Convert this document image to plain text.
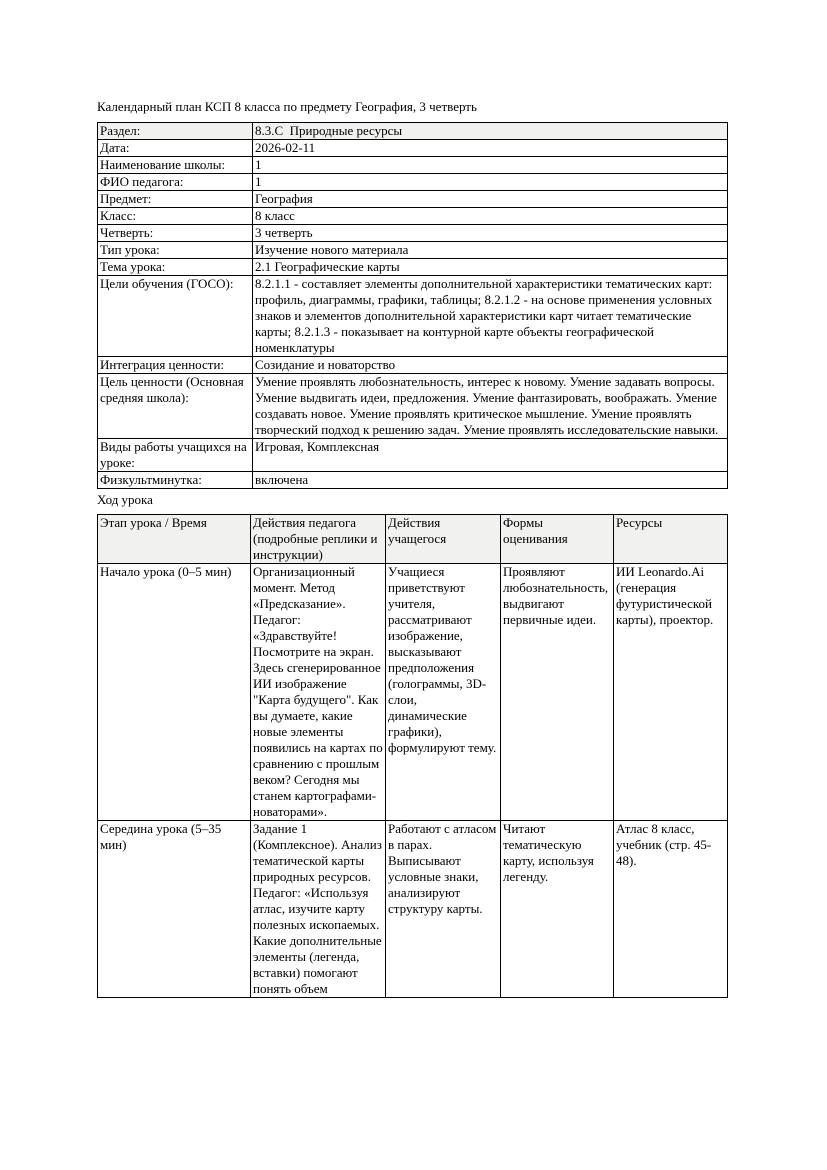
Календарный план КСП 8 класса по предмету География, 3 четверть

Раздел:	8.3.C  Природные ресурсы
Дата:	2026-02-11
Наименование школы:	1
ФИО педагога:	1
Предмет:	География
Класс:	8 класс
Четверть:	3 четверть
Тип урока:	Изучение нового материала
Тема урока:	2.1 Географические карты
Цели обучения (ГОСО):	8.2.1.1 - составляет элементы дополнительной характеристики тематических карт: профиль, диаграммы, графики, таблицы; 8.2.1.2 - на основе применения условных знаков и элементов дополнительной характеристики карт читает тематические карты; 8.2.1.3 - показывает на контурной карте объекты географической номенклатуры
Интеграция ценности:	Созидание и новаторство
Цель ценности (Основная средняя школа):	Умение проявлять любознательность, интерес к новому. Умение задавать вопросы. Умение выдвигать идеи, предложения. Умение фантазировать, воображать. Умение создавать новое. Умение проявлять критическое мышление. Умение проявлять творческий подход к решению задач. Умение проявлять исследовательские навыки.
Виды работы учащихся на уроке:	Игровая, Комплексная
Физкультминутка:	включена

Ход урока

Этап урока / Время	Действия педагога (подробные реплики и инструкции)	Действия учащегося	Формы оценивания	Ресурсы
Начало урока (0–5 мин)	Организационный момент. Метод «Предсказание». Педагог: «Здравствуйте! Посмотрите на экран. Здесь сгенерированное ИИ изображение "Карта будущего". Как вы думаете, какие новые элементы появились на картах по сравнению с прошлым веком? Сегодня мы станем картографами-новаторами».	Учащиеся приветствуют учителя, рассматривают изображение, высказывают предположения (голограммы, 3D-слои, динамические графики), формулируют тему.	Проявляют любознательность, выдвигают первичные идеи.	ИИ Leonardo.Ai (генерация футуристической карты), проектор.
Середина урока (5–35 мин)	Задание 1 (Комплексное). Анализ тематической карты природных ресурсов. Педагог: «Используя атлас, изучите карту полезных ископаемых. Какие дополнительные элементы (легенда, вставки) помогают понять объем	Работают с атласом в парах. Выписывают условные знаки, анализируют структуру карты.	Читают тематическую карту, используя легенду.	Атлас 8 класс, учебник (стр. 45-48).
